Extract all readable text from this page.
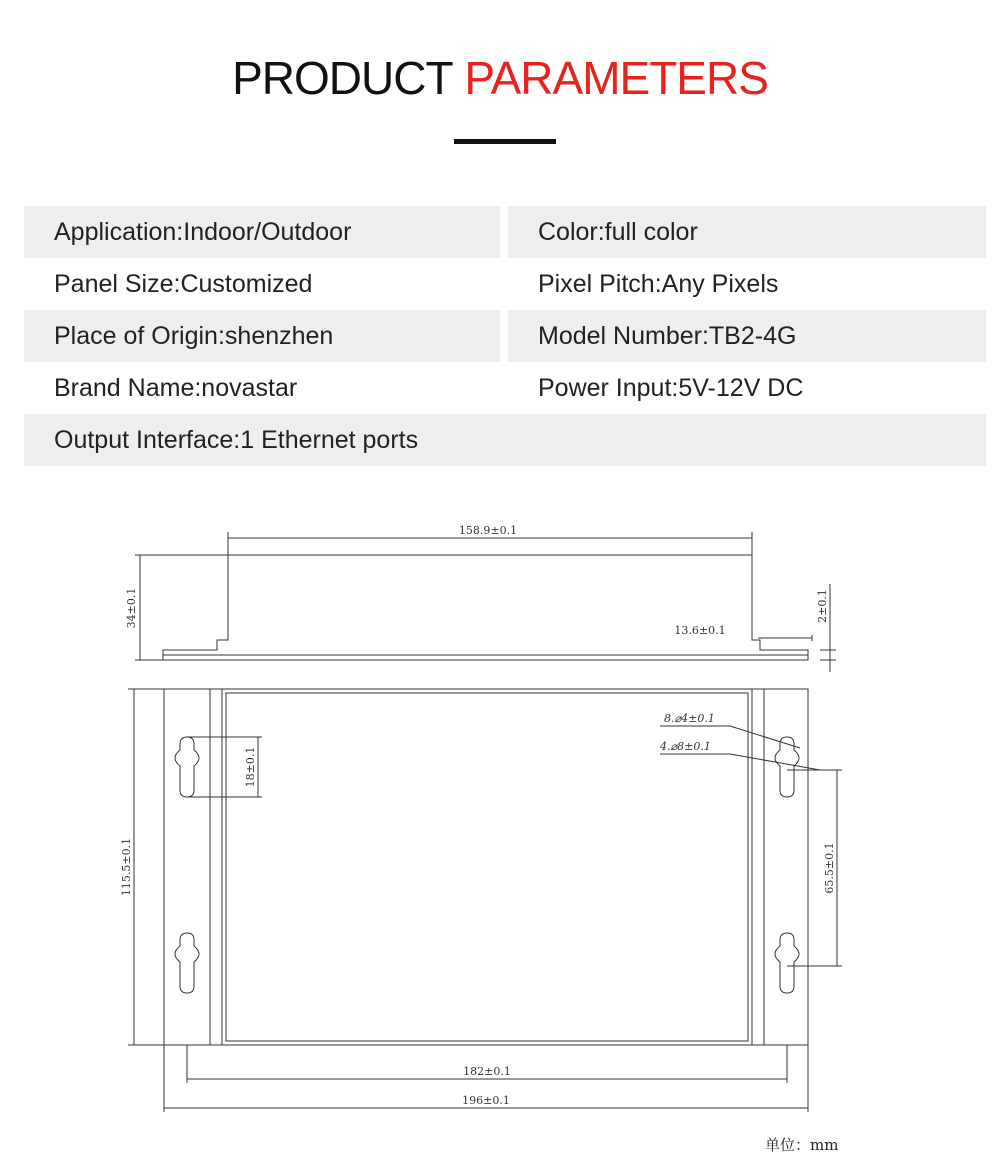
PRODUCT PARAMETERS
Application:Indoor/Outdoor	Color:full color
Panel Size:Customized	Pixel Pitch:Any Pixels
Place of Origin:shenzhen	Model Number:TB2-4G
Brand Name:novastar	Power Input:5V-12V DC
Output Interface:1 Ethernet ports
158.9±0.1
34±0.1
13.6±0.1
2±0.1
8.⌀4±0.1
4.⌀8±0.1
18±0.1
115.5±0.1	65.5±0.1
182±0.1
196±0.1
单位：mm
